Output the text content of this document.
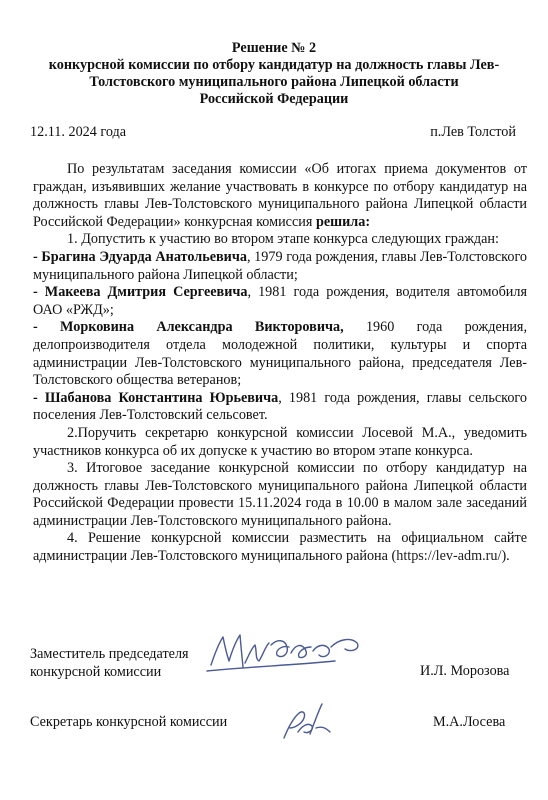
Решение № 2
конкурсной комиссии по отбору кандидатур на должность главы Лев-
Толстовского муниципального района Липецкой области
Российской Федерации
12.11. 2024 года	п.Лев Толстой

По результатам заседания комиссии «Об итогах приема документов от граждан, изъявивших желание участвовать в конкурсе по отбору кандидатур на должность главы Лев-Толстовского муниципального района Липецкой области Российской Федерации» конкурсная комиссия решила:

1. Допустить к участию во втором этапе конкурса следующих граждан:

- Брагина Эдуарда Анатольевича, 1979 года рождения, главы Лев-Толстовского муниципального района Липецкой области;

- Макеева Дмитрия Сергеевича, 1981 года рождения, водителя автомобиля ОАО «РЖД»;

- Морковина Александра Викторовича, 1960 года рождения, делопроизводителя отдела молодежной политики, культуры и спорта администрации Лев-Толстовского муниципального района, председателя Лев-Толстовского общества ветеранов;

- Шабанова Константина Юрьевича, 1981 года рождения, главы сельского поселения Лев-Толстовский сельсовет.

2.Поручить секретарю конкурсной комиссии Лосевой М.А., уведомить участников конкурса об их допуске к участию во втором этапе конкурса.

3. Итоговое заседание конкурсной комиссии по отбору кандидатур на должность главы Лев-Толстовского муниципального района Липецкой области Российской Федерации провести 15.11.2024 года в 10.00 в малом зале заседаний администрации Лев-Толстовского муниципального района.

4. Решение конкурсной комиссии разместить на официальном сайте администрации Лев-Толстовского муниципального района (https://lev-adm.ru/).

Заместитель председателя
конкурсной комиссии	И.Л. Морозова
Секретарь конкурсной комиссии	М.А.Лосева
